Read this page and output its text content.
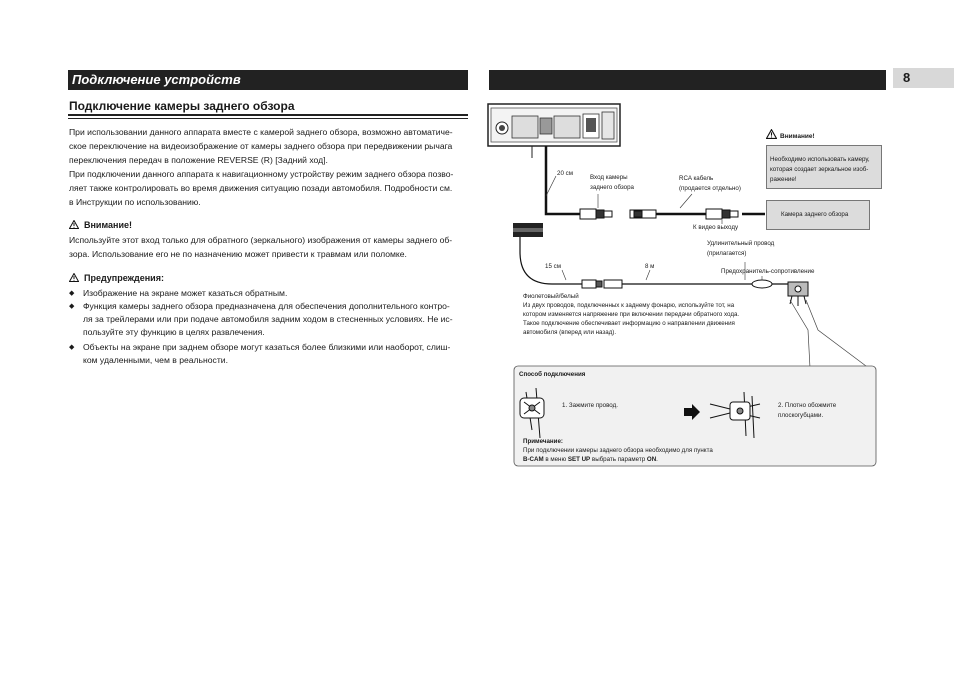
Подключение устройств	8
Подключение камеры заднего обзора
При использовании данного аппарата вместе с камерой заднего обзора, возможно автоматиче-
ское переключение на видеоизображение от камеры заднего обзора при передвижении рычага
переключения передач в положение REVERSE (R) [Задний ход].
При подключении данного аппарата к навигационному устройству режим заднего обзора позво-
ляет также контролировать во время движения ситуацию позади автомобиля. Подробности см.
в Инструкции по использованию.
Внимание!
Используйте этот вход только для обратного (зеркального) изображения от камеры заднего об-
зора. Использование его не по назначению может привести к травмам или поломке.
Предупреждения:
◆ Изображение на экране может казаться обратным.
◆ Функция камеры заднего обзора предназначена для обеспечения дополнительного контро-
ля за трейлерами или при подаче автомобиля задним ходом в стесненных условиях. Не ис-
пользуйте эту функцию в целях развлечения.
◆ Объекты на экране при заднем обзоре могут казаться более близкими или наоборот, слиш-
ком удаленными, чем в реальности.
20 см
Вход камеры
заднего обзора
RCA кабель
(продается отдельно)
К видео выходу
Камера заднего обзора
Внимание!
Необходимо использовать камеру,
которая создает зеркальное изоб-
ражение!
Удлинительный провод
(прилагается)
15 см	8 м
Предохранитель-сопротивление
Фиолетовый/белый
Из двух проводов, подключенных к заднему фонарю, используйте тот, на
котором изменяется напряжение при включении передачи обратного хода.
Такое подключение обеспечивает информацию о направлении движения
автомобиля (вперед или назад).
Способ подключения
1. Зажмите провод.	2. Плотно обожмите
плоскогубцами.
Примечание:
При подключении камеры заднего обзора необходимо для пункта
B-CAM в меню SET UP выбрать параметр ON.
